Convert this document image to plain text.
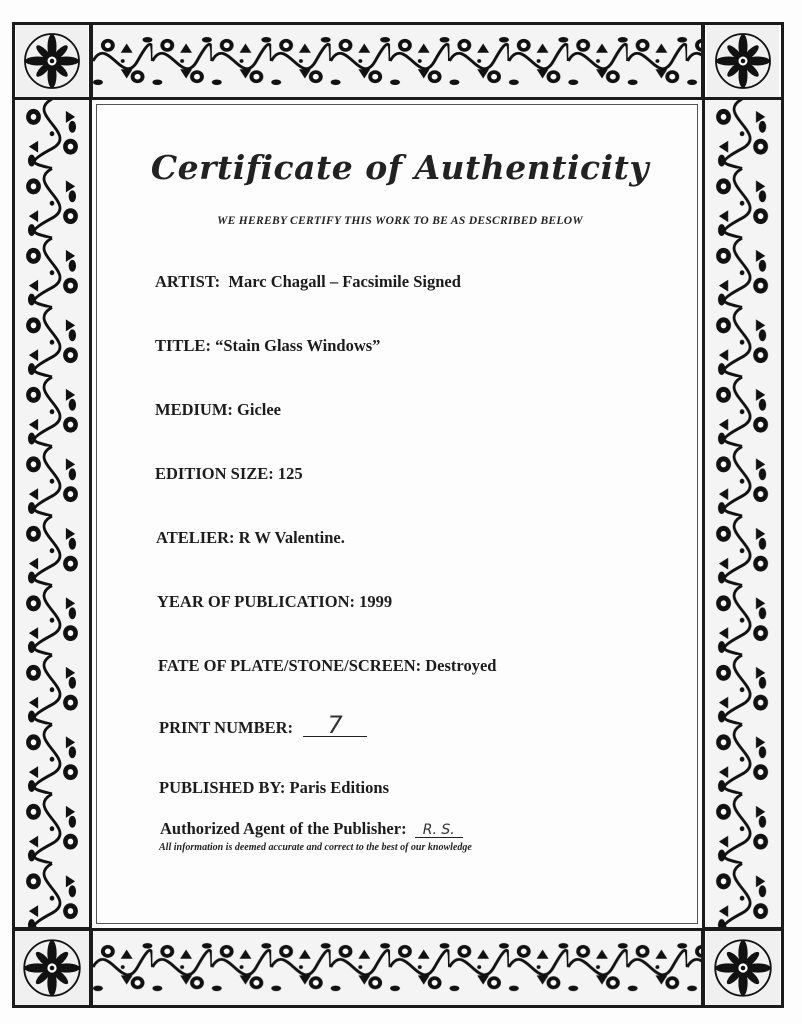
Certificate of Authenticity
WE HEREBY CERTIFY THIS WORK TO BE AS DESCRIBED BELOW
ARTIST: Marc Chagall – Facsimile Signed
TITLE: “Stain Glass Windows”
MEDIUM: Giclee
EDITION SIZE: 125
ATELIER: R W Valentine.
YEAR OF PUBLICATION: 1999
FATE OF PLATE/STONE/SCREEN: Destroyed
PRINT NUMBER: 7
PUBLISHED BY: Paris Editions
Authorized Agent of the Publisher: R. S.
All information is deemed accurate and correct to the best of our knowledge
